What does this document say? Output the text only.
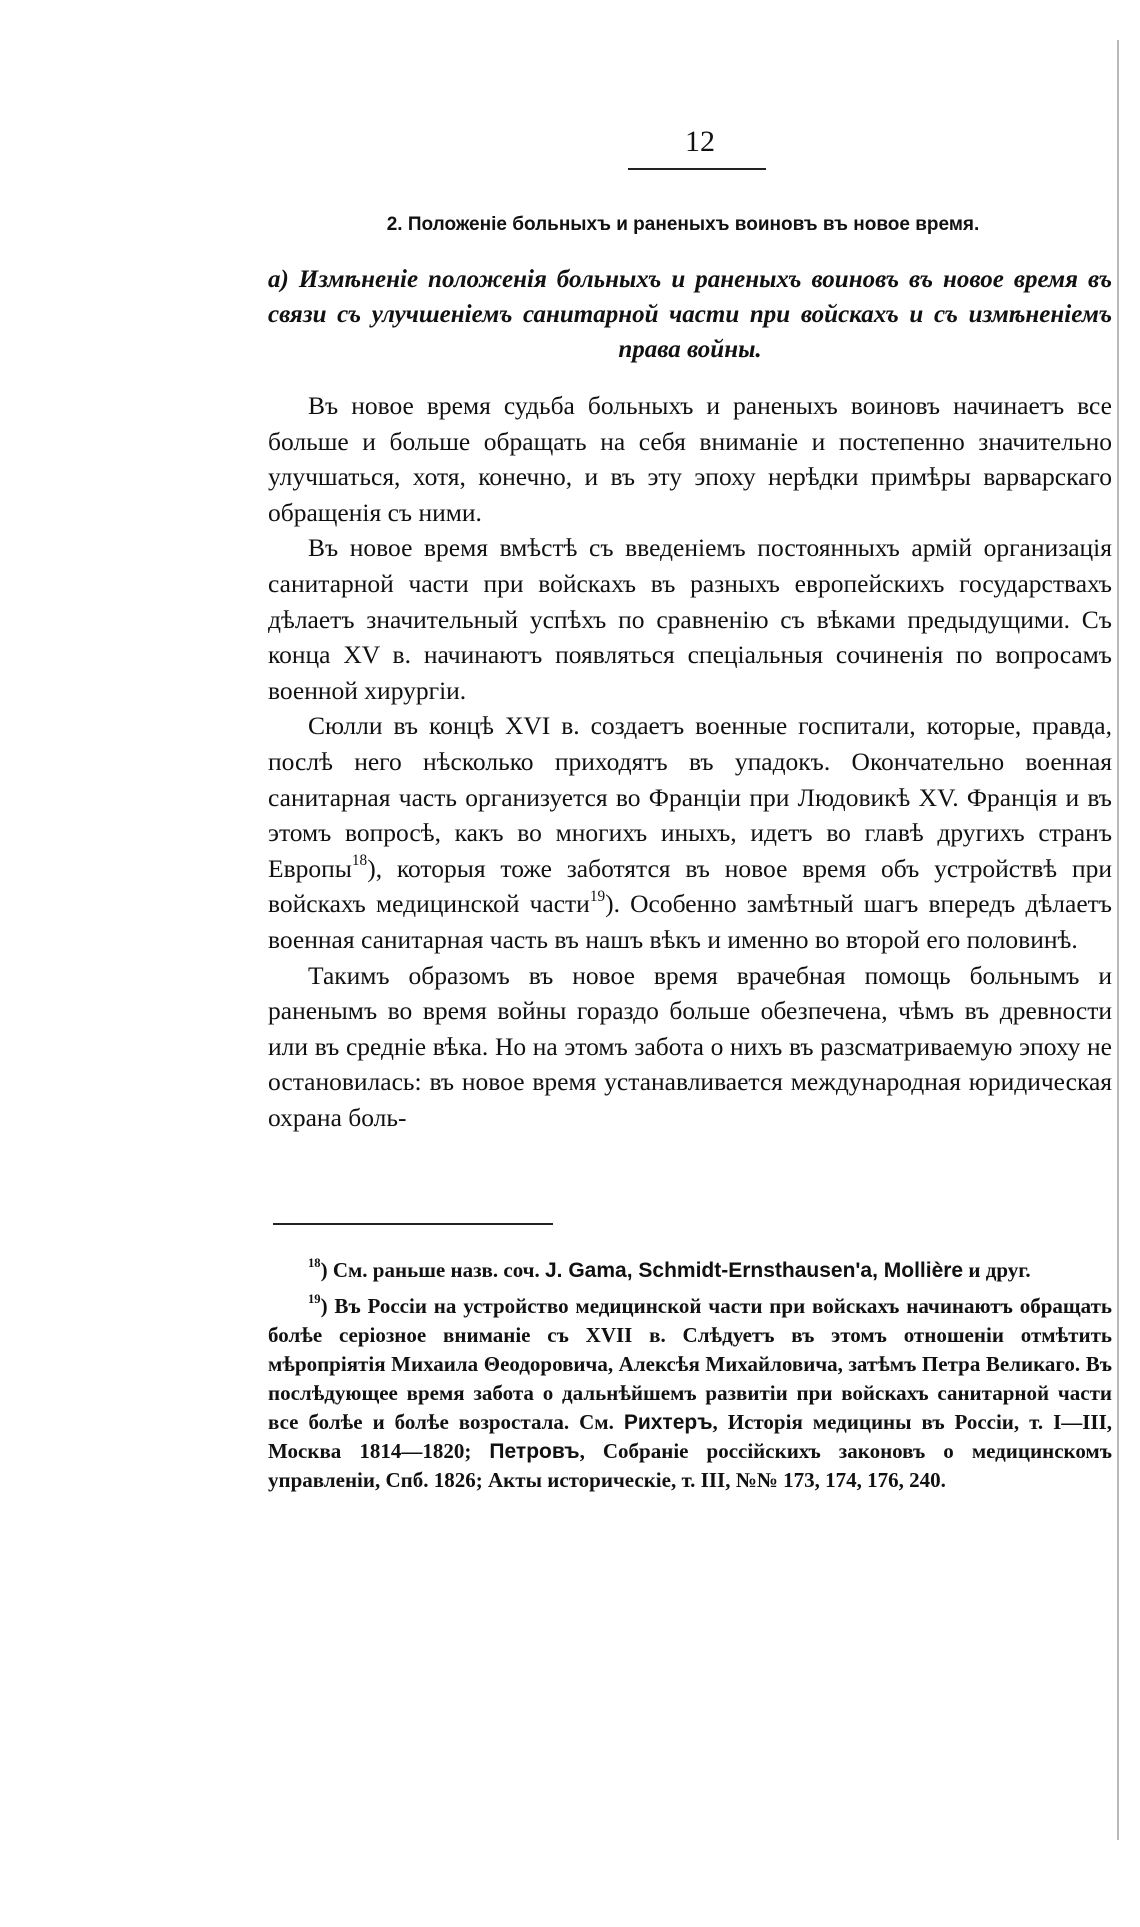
12
2. Положеніе больныхъ и раненыхъ воиновъ въ новое время.
а) Измѣненіе положенія больныхъ и раненыхъ воиновъ въ новое время въ связи съ улучшеніемъ санитарной части при войскахъ и съ измѣненіемъ права войны.

Въ новое время судьба больныхъ и раненыхъ воиновъ начинаетъ все больше и больше обращать на себя вниманіе и постепенно значительно улучшаться, хотя, конечно, и въ эту эпоху нерѣдки примѣры варварскаго обращенія съ ними.

Въ новое время вмѣстѣ съ введеніемъ постоянныхъ армій организація санитарной части при войскахъ въ разныхъ европейскихъ государствахъ дѣлаетъ значительный успѣхъ по сравненію съ вѣками предыдущими. Съ конца XV в. начинаютъ появляться спеціальныя сочиненія по вопросамъ военной хирургіи.

Сюлли въ концѣ XVI в. создаетъ военные госпитали, которые, правда, послѣ него нѣсколько приходятъ въ упадокъ. Окончательно военная санитарная часть организуется во Франціи при Людовикѣ XV. Франція и въ этомъ вопросѣ, какъ во многихъ иныхъ, идетъ во главѣ другихъ странъ Европы$^{18}$), которыя тоже заботятся въ новое время объ устройствѣ при войскахъ медицинской части$^{19}$). Особенно замѣтный шагъ впередъ дѣлаетъ военная санитарная часть въ нашъ вѣкъ и именно во второй его половинѣ.

Такимъ образомъ въ новое время врачебная помощь больнымъ и раненымъ во время войны гораздо больше обезпечена, чѣмъ въ древности или въ средніе вѣка. Но на этомъ забота о нихъ въ разсматриваемую эпоху не остановилась: въ новое время устанавливается международная юридическая охрана боль-

$^{18}$) См. раньше назв. соч. J. Gama, Schmidt-Ernsthausen'a, Mollière и друг.

$^{19}$) Въ Россіи на устройство медицинской части при войскахъ начинаютъ обращать болѣе серіозное вниманіе съ XVII в. Слѣдуетъ въ этомъ отношеніи отмѣтить мѣропріятія Михаила Θеодоровича, Алексѣя Михайловича, затѣмъ Петра Великаго. Въ послѣдующее время забота о дальнѣйшемъ развитіи при войскахъ санитарной части все болѣе и болѣе возростала. См. Рихтеръ, Исторія медицины въ Россіи, т. I—III, Москва 1814—1820; Петровъ, Собраніе россійскихъ законовъ о медицинскомъ управленіи, Спб. 1826; Акты историческіе, т. III, №№ 173, 174, 176, 240.
